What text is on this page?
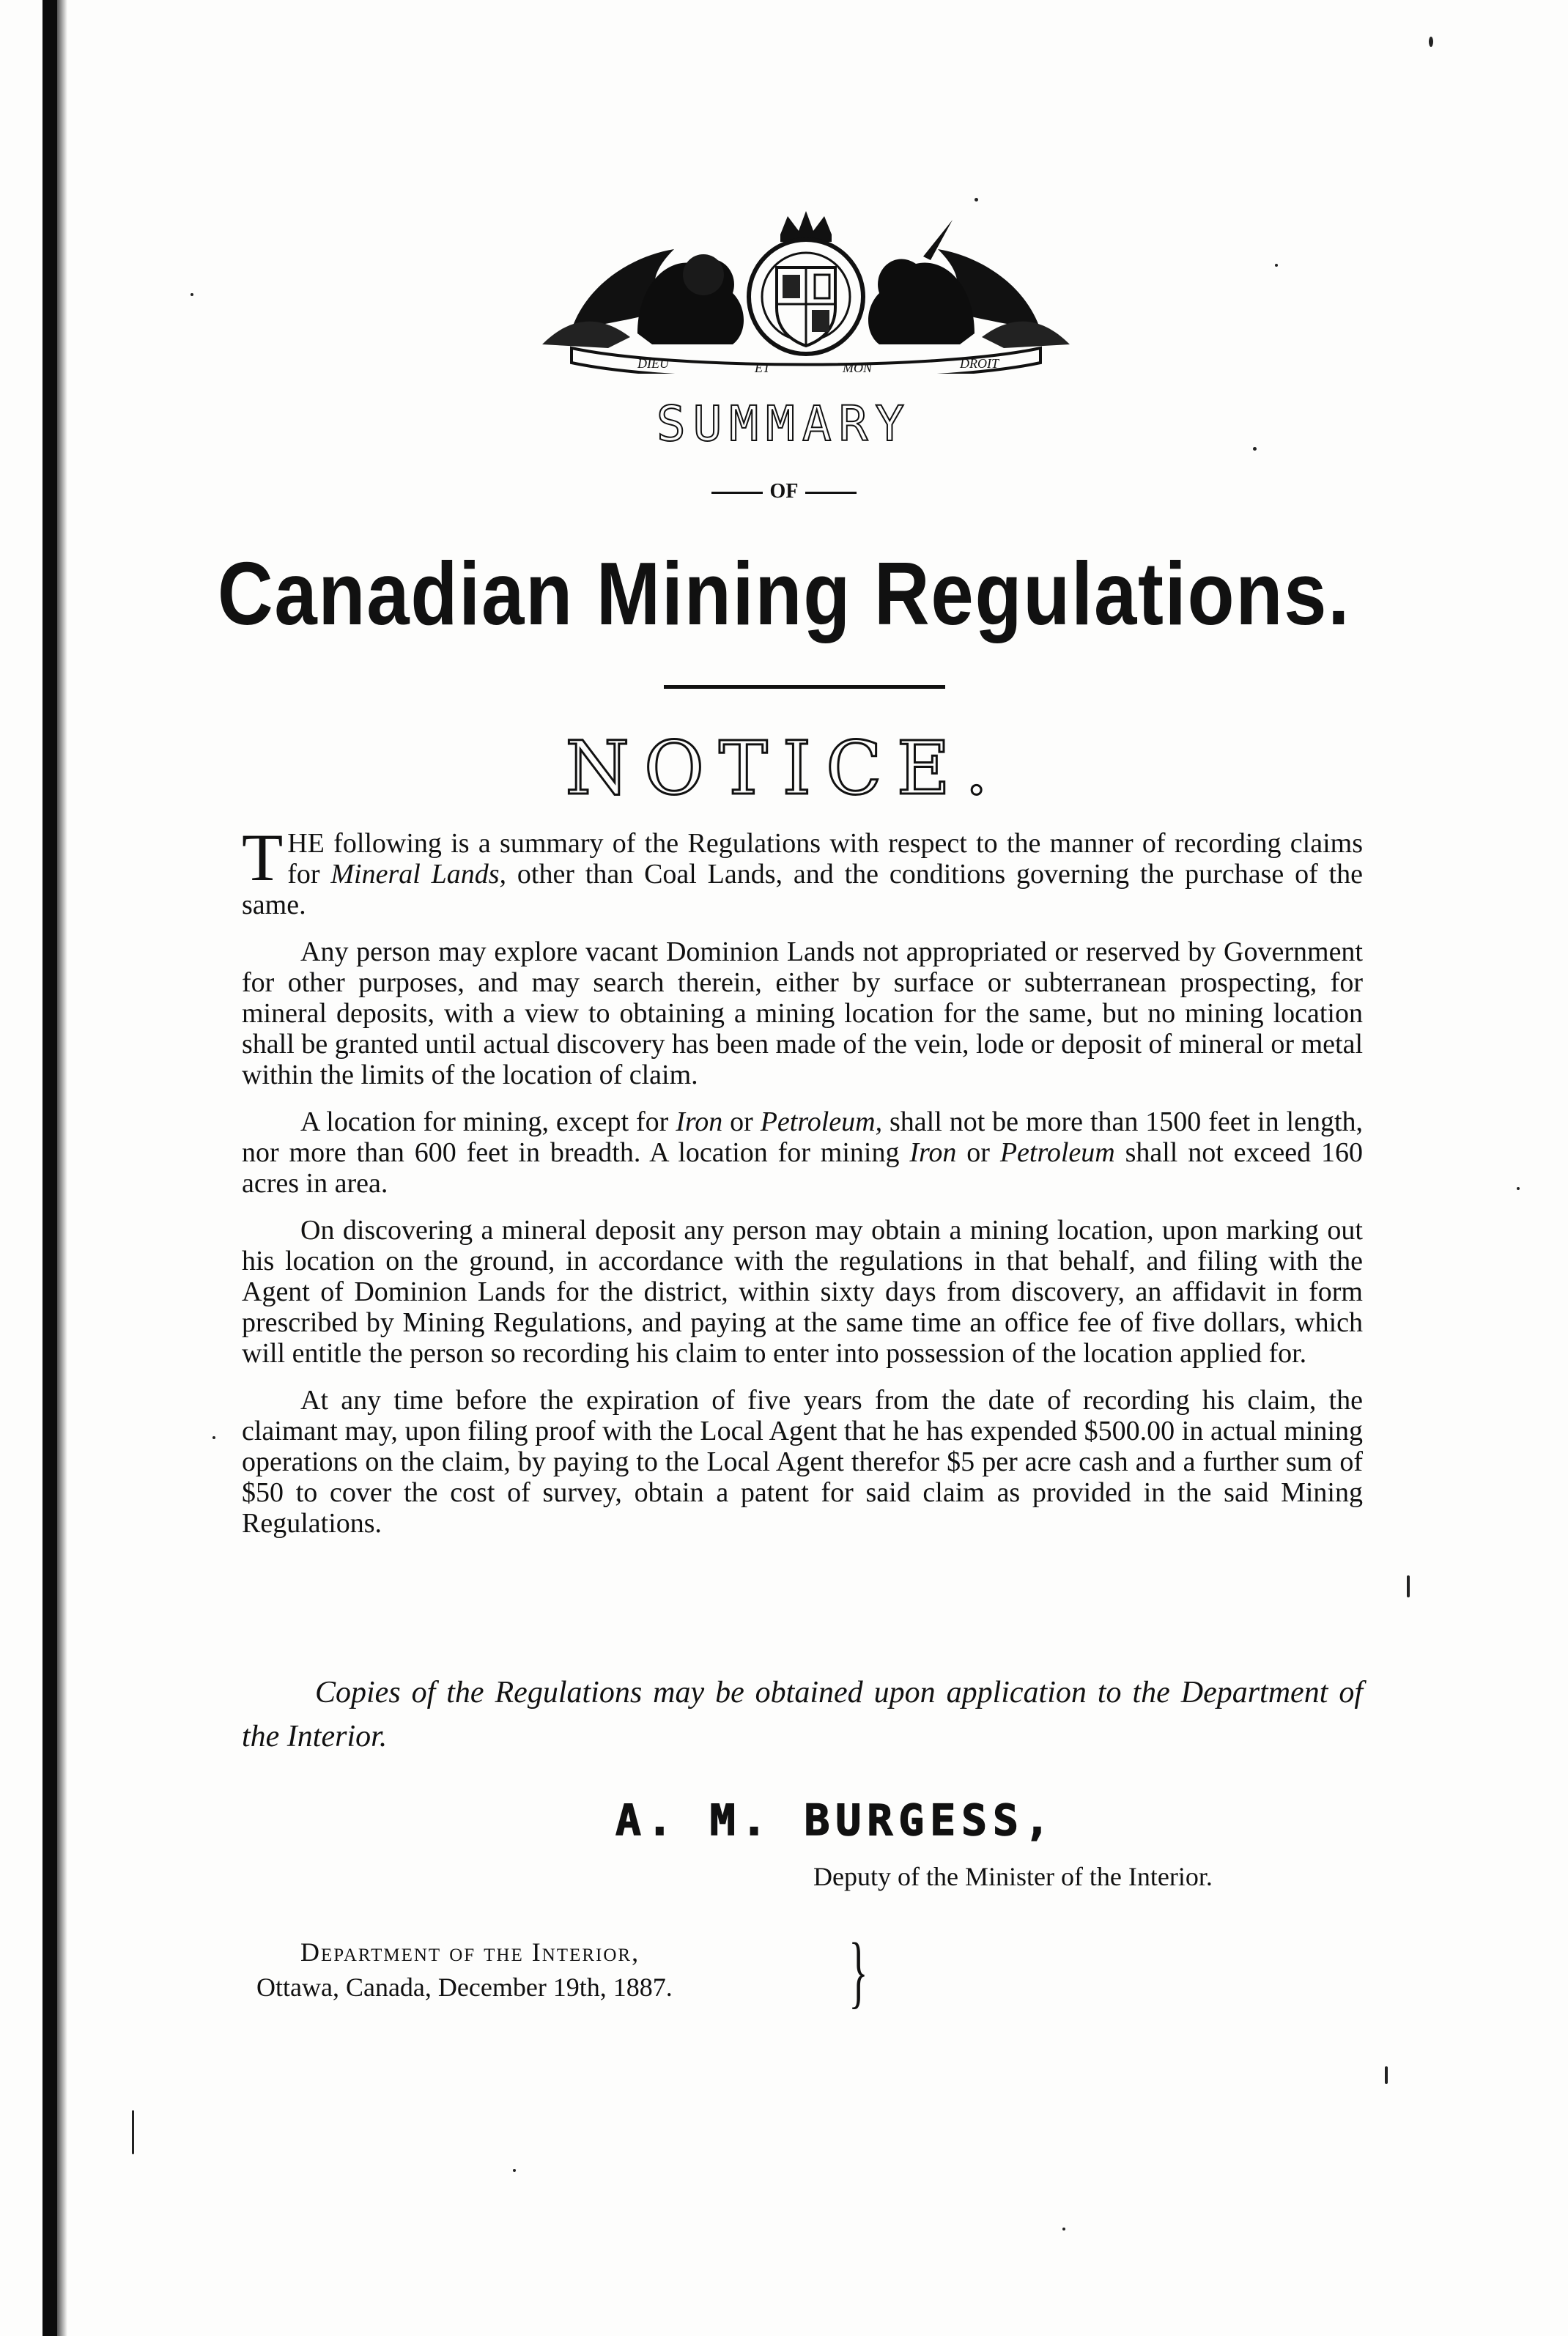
DIEU	ET	MON	DROIT
SUMMARY
OF
Canadian Mining Regulations.
NOTICE.

THE following is a summary of the Regulations with respect to the manner of recording claims for Mineral Lands, other than Coal Lands, and the conditions governing the purchase of the same.

Any person may explore vacant Dominion Lands not appropriated or reserved by Government for other purposes, and may search therein, either by surface or subterranean prospecting, for mineral deposits, with a view to obtaining a mining location for the same, but no mining location shall be granted until actual discovery has been made of the vein, lode or deposit of mineral or metal within the limits of the location of claim.

A location for mining, except for Iron or Petroleum, shall not be more than 1500 feet in length, nor more than 600 feet in breadth. A location for mining Iron or Petroleum shall not exceed 160 acres in area.

On discovering a mineral deposit any person may obtain a mining location, upon marking out his location on the ground, in accordance with the regulations in that behalf, and filing with the Agent of Dominion Lands for the district, within sixty days from discovery, an affidavit in form prescribed by Mining Regulations, and paying at the same time an office fee of five dollars, which will entitle the person so recording his claim to enter into possession of the location applied for.

At any time before the expiration of five years from the date of recording his claim, the claimant may, upon filing proof with the Local Agent that he has expended $500.00 in actual mining operations on the claim, by paying to the Local Agent therefor $5 per acre cash and a further sum of $50 to cover the cost of survey, obtain a patent for said claim as provided in the said Mining Regulations.

Copies of the Regulations may be obtained upon application to the Department of the Interior.
A. M. BURGESS,
Deputy of the Minister of the Interior.
Department of the Interior,
Ottawa, Canada, December 19th, 1887. }
